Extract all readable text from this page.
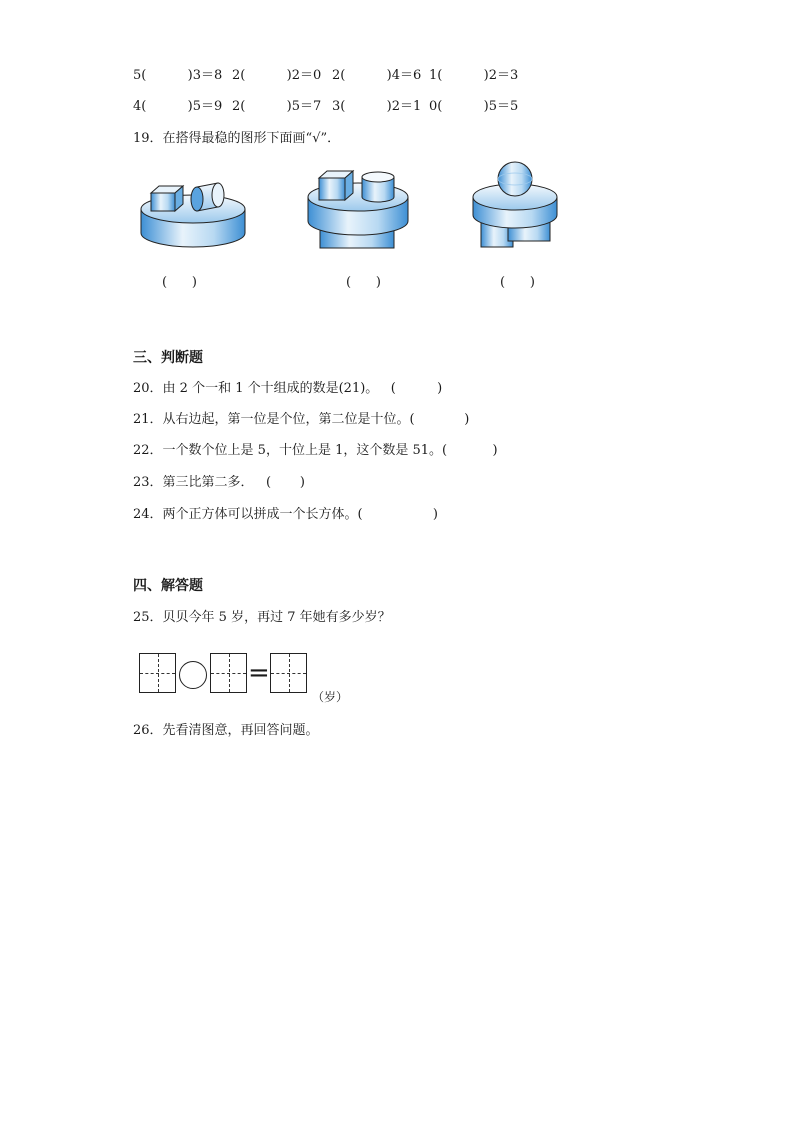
5(          )3＝8 2(          )2＝0 2(          )4＝6 1(          )2＝3
4(          )5＝9 2(          )5＝7 3(          )2＝1 0(          )5＝5
19．在搭得最稳的图形下面画“√”．
(      )	(      )	(      )
三、判断题
20．由 2 个一和 1 个十组成的数是(21)。   (          )
21．从右边起，第一位是个位，第二位是十位。(            )
22．一个数个位上是 5，十位上是 1，这个数是 51。(           )
23．第三比第二多．   (       )
24．两个正方体可以拼成一个长方体。(                 )
四、解答题
25．贝贝今年 5 岁，再过 7 年她有多少岁？
=
（岁）
26．先看清图意，再回答问题。
